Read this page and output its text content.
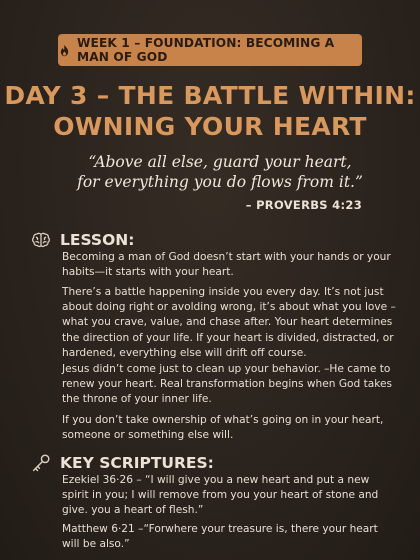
WEEK 1 – FOUNDATION: BECOMING A MAN OF GOD
DAY 3 – THE BATTLE WITHIN:
OWNING YOUR HEART
“Above all else, guard your heart,
for everything you do flows from it.”
– PROVERBS 4:23
LESSON:

Becoming a man of God doesn’t start with your hands or your habits—it starts with your heart.

There’s a battle happening inside you every day. It’s not just about doing right or avolding wrong, it’s about what you love – what you crave, value, and chase after. Your heart determines the direction of your life. If your heart is divided, distracted, or hardened, everything else will drift off course.

Jesus didn’t come just to clean up your behavior. –He came to renew your heart. Real transformation begins when God takes the throne of your inner life.

If you don’t take ownership of what’s going on in your heart, someone or something else will.

KEY SCRIPTURES:

Ezekiel 36·26 – “I will give you a new heart and put a new spirit in you; I will remove from you your heart of stone and give. you a heart of flesh.”

Matthew 6·21 –“Forwhere your treasure is, there your heart will be also.”
